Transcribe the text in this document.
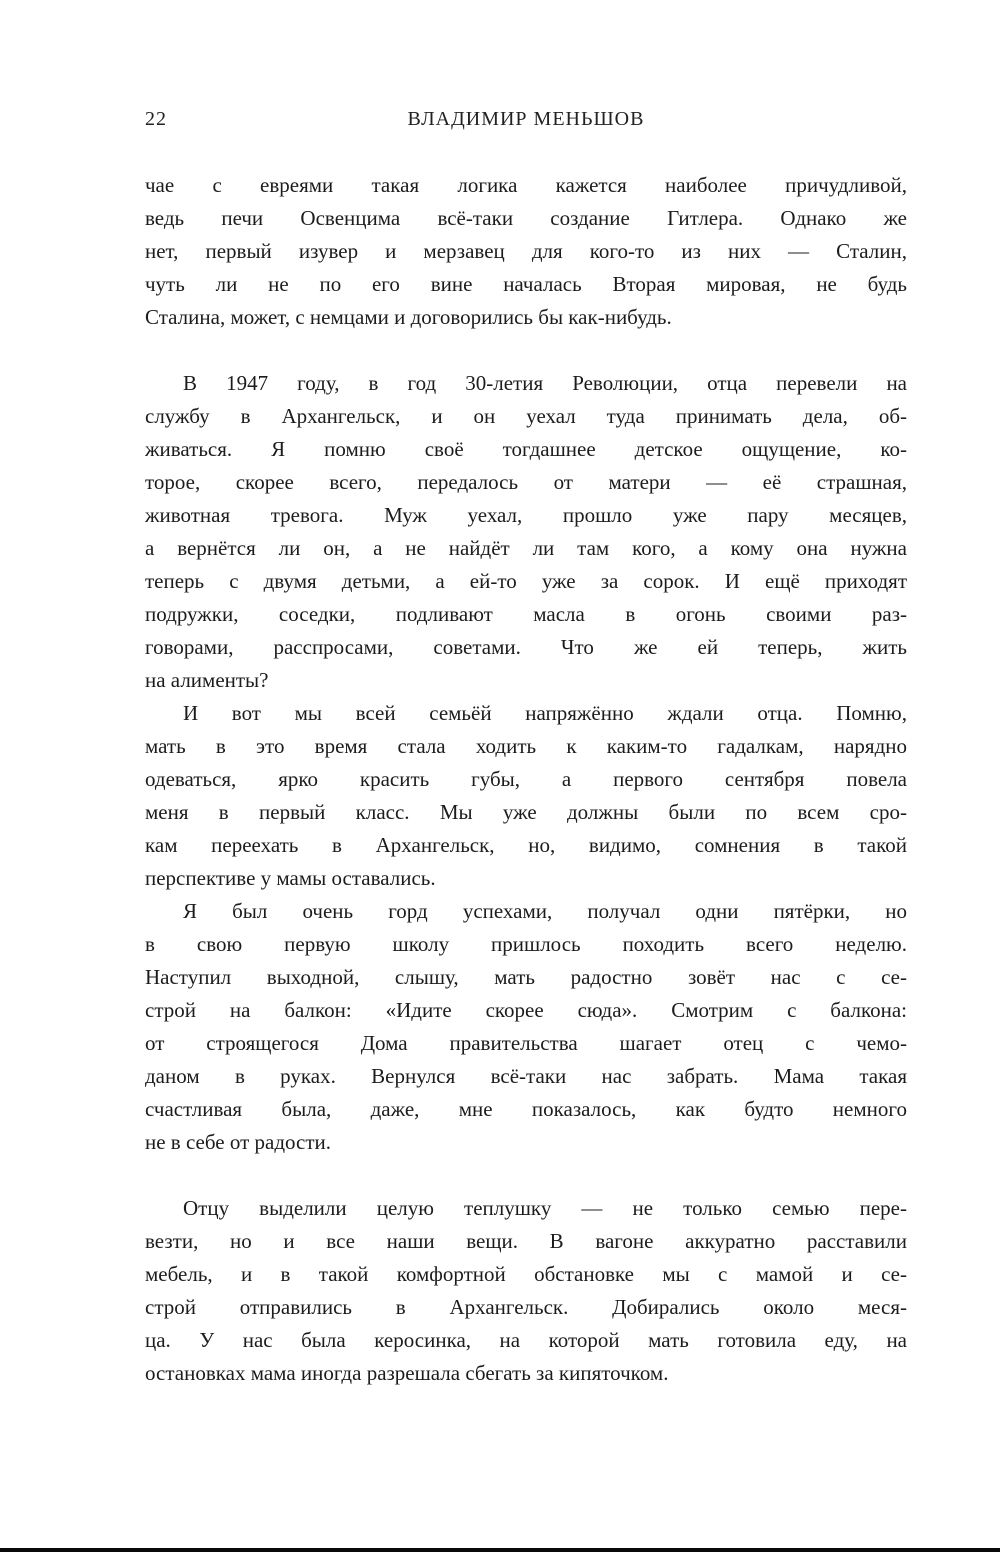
22	ВЛАДИМИР МЕНЬШОВ
чае с евреями такая логика кажется наиболее причудливой,
ведь печи Освенцима всё-таки создание Гитлера. Однако же
нет, первый изувер и мерзавец для кого-то из них — Сталин,
чуть ли не по его вине началась Вторая мировая, не будь
Сталина, может, с немцами и договорились бы как-нибудь.
В 1947 году, в год 30-летия Революции, отца перевели на
службу в Архангельск, и он уехал туда принимать дела, об-
живаться. Я помню своё тогдашнее детское ощущение, ко-
торое, скорее всего, передалось от матери — её страшная,
животная тревога. Муж уехал, прошло уже пару месяцев,
а вернётся ли он, а не найдёт ли там кого, а кому она нужна
теперь с двумя детьми, а ей-то уже за сорок. И ещё приходят
подружки, соседки, подливают масла в огонь своими раз-
говорами, расспросами, советами. Что же ей теперь, жить
на алименты?
И вот мы всей семьёй напряжённо ждали отца. Помню,
мать в это время стала ходить к каким-то гадалкам, нарядно
одеваться, ярко красить губы, а первого сентября повела
меня в первый класс. Мы уже должны были по всем сро-
кам переехать в Архангельск, но, видимо, сомнения в такой
перспективе у мамы оставались.
Я был очень горд успехами, получал одни пятёрки, но
в свою первую школу пришлось походить всего неделю.
Наступил выходной, слышу, мать радостно зовёт нас с се-
строй на балкон: «Идите скорее сюда». Смотрим с балкона:
от строящегося Дома правительства шагает отец с чемо-
даном в руках. Вернулся всё-таки нас забрать. Мама такая
счастливая была, даже, мне показалось, как будто немного
не в себе от радости.
Отцу выделили целую теплушку — не только семью пере-
везти, но и все наши вещи. В вагоне аккуратно расставили
мебель, и в такой комфортной обстановке мы с мамой и се-
строй отправились в Архангельск. Добирались около меся-
ца. У нас была керосинка, на которой мать готовила еду, на
остановках мама иногда разрешала сбегать за кипяточком.
